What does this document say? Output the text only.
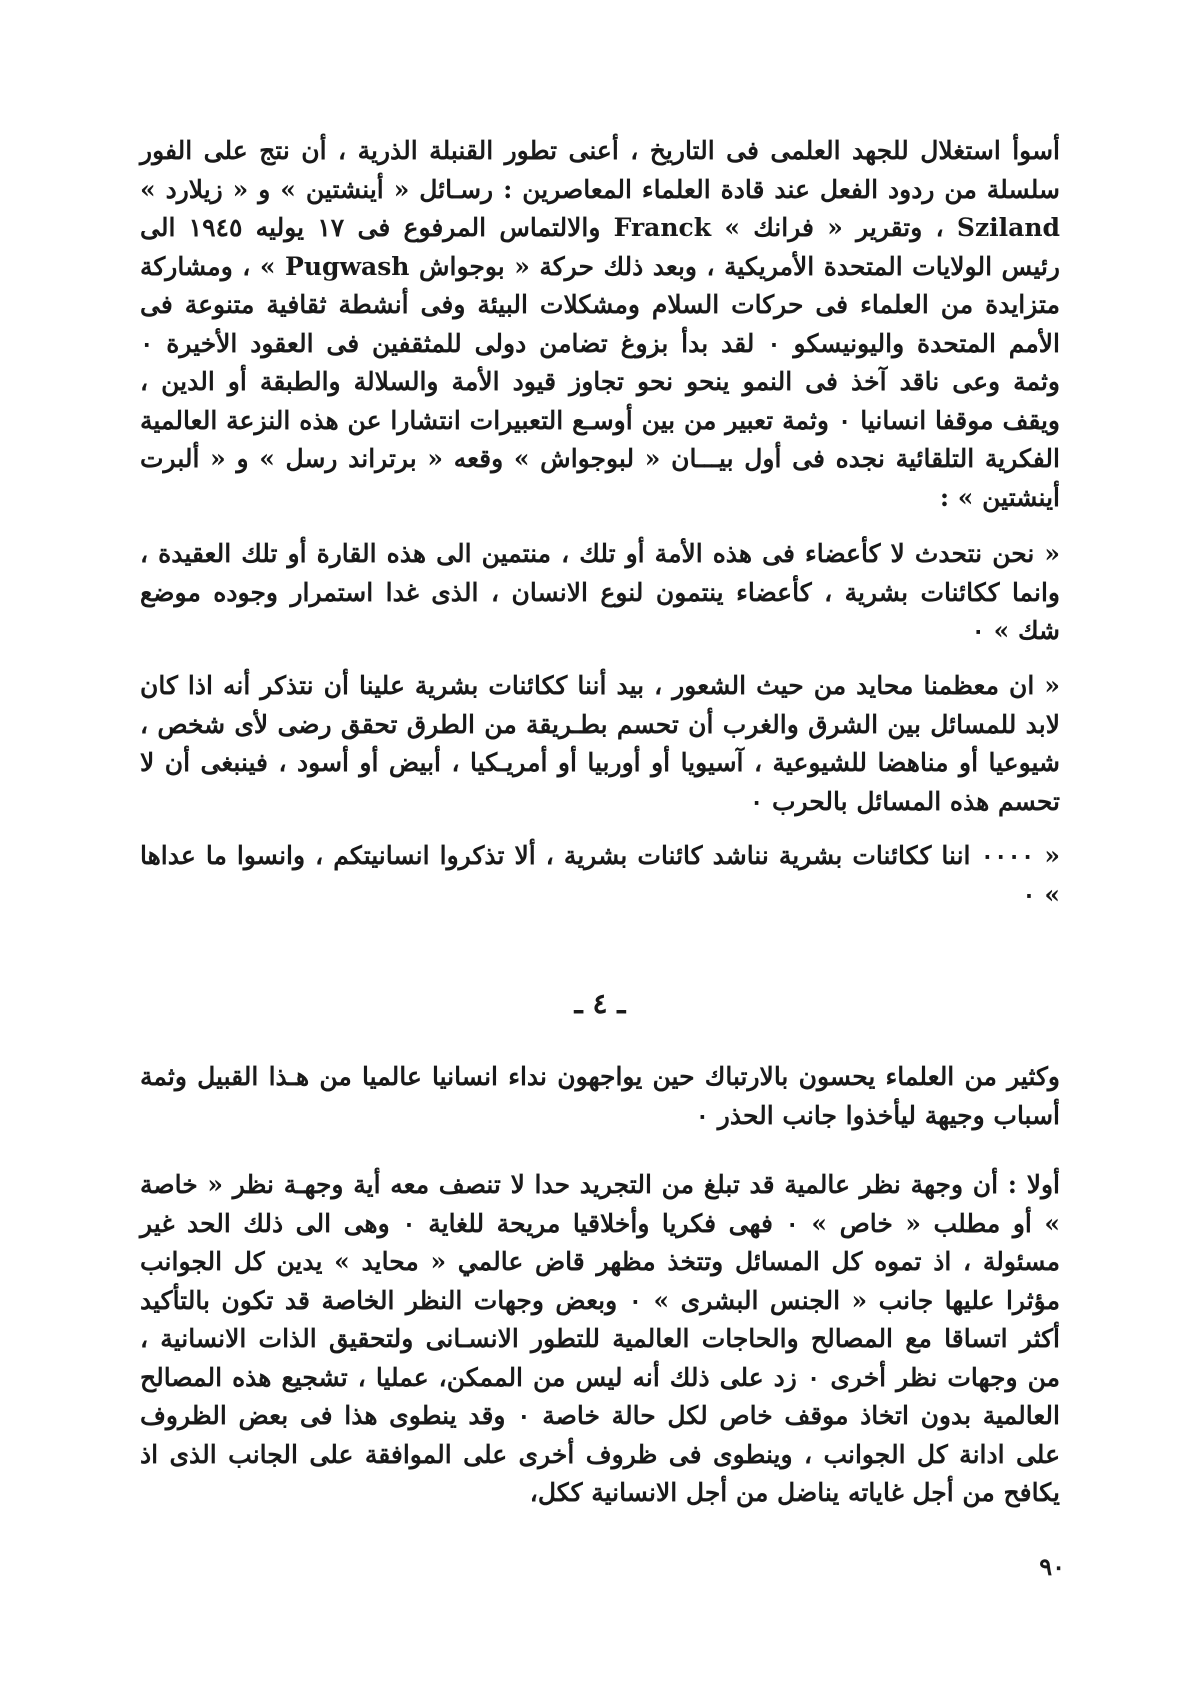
أسوأ استغلال للجهد العلمى فى التاريخ ، أعنى تطور القنبلة الذرية ، أن نتج على الفور سلسلة من ردود الفعل عند قادة العلماء المعاصرين : رسـائل « أينشتين » و « زيلارد » Sziland ، وتقرير « فرانك » Franck والالتماس المرفوع فى ١٧ يوليه ١٩٤٥ الى رئيس الولايات المتحدة الأمريكية ، وبعد ذلك حركة « بوجواش Pugwash » ، ومشاركة متزايدة من العلماء فى حركات السلام ومشكلات البيئة وفى أنشطة ثقافية متنوعة فى الأمم المتحدة واليونيسكو ٠ لقد بدأ بزوغ تضامن دولى للمثقفين فى العقود الأخيرة ٠ وثمة وعى ناقد آخذ فى النمو ينحو نحو تجاوز قيود الأمة والسلالة والطبقة أو الدين ، ويقف موقفا انسانيا ٠ وثمة تعبير من بين أوسـع التعبيرات انتشارا عن هذه النزعة العالمية الفكرية التلقائية نجده فى أول بيـــان « لبوجواش » وقعه « برتراند رسل » و « ألبرت أينشتين » :

« نحن نتحدث لا كأعضاء فى هذه الأمة أو تلك ، منتمين الى هذه القارة أو تلك العقيدة ، وانما ككائنات بشرية ، كأعضاء ينتمون لنوع الانسان ، الذى غدا استمرار وجوده موضع شك » ٠

« ان معظمنا محايد من حيث الشعور ، بيد أننا ككائنات بشرية علينا أن نتذكر أنه اذا كان لابد للمسائل بين الشرق والغرب أن تحسم بطـريقة من الطرق تحقق رضى لأى شخص ، شيوعيا أو مناهضا للشيوعية ، آسيويا أو أوربيا أو أمريـكيا ، أبيض أو أسود ، فينبغى أن لا تحسم هذه المسائل بالحرب ٠

« ٠٠٠٠ اننا ككائنات بشرية نناشد كائنات بشرية ، ألا تذكروا انسانيتكم ، وانسوا ما عداها » ٠

ـ ٤ ـ

وكثير من العلماء يحسون بالارتباك حين يواجهون نداء انسانيا عالميا من هـذا القبيل وثمة أسباب وجيهة ليأخذوا جانب الحذر ٠

أولا : أن وجهة نظر عالمية قد تبلغ من التجريد حدا لا تنصف معه أية وجهـة نظر « خاصة » أو مطلب « خاص » ٠ فهى فكريا وأخلاقيا مريحة للغاية ٠ وهى الى ذلك الحد غير مسئولة ، اذ تموه كل المسائل وتتخذ مظهر قاض عالمي « محايد » يدين كل الجوانب مؤثرا عليها جانب « الجنس البشرى » ٠ وبعض وجهات النظر الخاصة قد تكون بالتأكيد أكثر اتساقا مع المصالح والحاجات العالمية للتطور الانسـانى ولتحقيق الذات الانسانية ، من وجهات نظر أخرى ٠ زد على ذلك أنه ليس من الممكن، عمليا ، تشجيع هذه المصالح العالمية بدون اتخاذ موقف خاص لكل حالة خاصة ٠ وقد ينطوى هذا فى بعض الظروف على ادانة كل الجوانب ، وينطوى فى ظروف أخرى على الموافقة على الجانب الذى اذ يكافح من أجل غاياته يناضل من أجل الانسانية ككل،

٩٠
